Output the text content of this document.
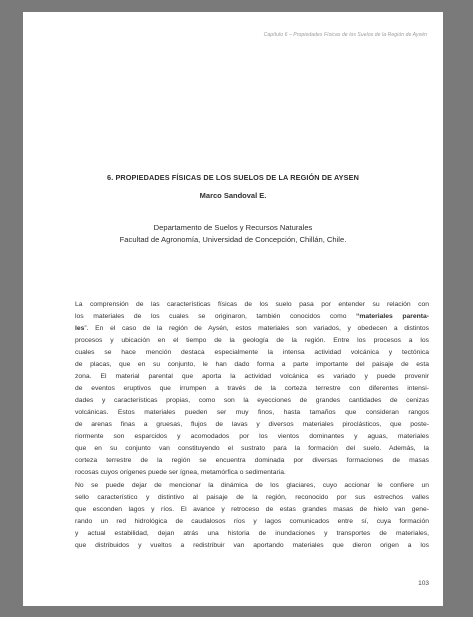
Capítulo 6 – Propiedades Físicas de los Suelos de la Región de Aysén
6. PROPIEDADES FÍSICAS DE LOS SUELOS DE LA REGIÓN DE AYSEN
Marco Sandoval E.
Departamento de Suelos y Recursos Naturales
Facultad de Agronomía, Universidad de Concepción, Chillán, Chile.
La comprensión de las características físicas de los suelo pasa por entender su relación con
los materiales de los cuales se originaron, también conocidos como “materiales parenta-
les”. En el caso de la región de Aysén, estos materiales son variados, y obedecen a distintos
procesos y ubicación en el tiempo de la geología de la región. Entre los procesos a los
cuales se hace mención destaca especialmente la intensa actividad volcánica y tectónica
de placas, que en su conjunto, le han dado forma a parte importante del paisaje de esta
zona. El material parental que aporta la actividad volcánica es variado y puede provenir
de eventos eruptivos que irrumpen a través de la corteza terrestre con diferentes intensi-
dades y características propias, como son la eyecciones de grandes cantidades de cenizas
volcánicas. Estos materiales pueden ser muy finos, hasta tamaños que consideran rangos
de arenas finas a gruesas, flujos de lavas y diversos materiales piroclásticos, que poste-
riormente son esparcidos y acomodados por los vientos dominantes y aguas, materiales
que en su conjunto van constituyendo el sustrato para la formación del suelo. Además, la
corteza terrestre de la región se encuentra dominada por diversas formaciones de masas
rocosas cuyos orígenes puede ser ígnea, metamórfica o sedimentaria.
No se puede dejar de mencionar la dinámica de los glaciares, cuyo accionar le confiere un
sello característico y distintivo al paisaje de la región, reconocido por sus estrechos valles
que esconden lagos y ríos. El avance y retroceso de estas grandes masas de hielo van gene-
rando un red hidrológica de caudalosos ríos y lagos comunicados entre sí, cuya formación
y actual estabilidad, dejan atrás una historia de inundaciones y transportes de materiales,
que distribuidos y vueltos a redistribuir van aportando materiales que dieron origen a los
103
